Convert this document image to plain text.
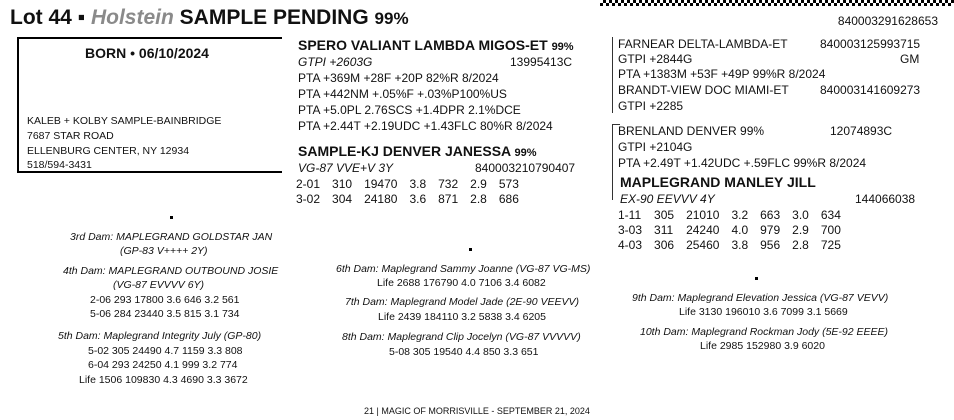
Lot 44 ▪ Holstein SAMPLE PENDING 99%	840003291628653
BORN • 06/10/2024
KALEB + KOLBY SAMPLE-BAINBRIDGE
7687 STAR ROAD
ELLENBURG CENTER, NY 12934
518/594-3431
SPERO VALIANT LAMBDA MIGOS-ET 99%
GTPI +2603G	13995413C
PTA +369M +28F +20P 82%R 8/2024
PTA +442NM +.05%F +.03%P100%US
PTA +5.0PL 2.76SCS +1.4DPR 2.1%DCE
PTA +2.44T +2.19UDC +1.43FLC 80%R 8/2024
SAMPLE-KJ DENVER JANESSA 99%
VG-87 VVE+V 3Y	840003210790407
2-01	310	19470	3.8	732	2.9	573
3-02	304	24180	3.6	871	2.8	686
FARNEAR DELTA-LAMBDA-ET	840003125993715
GTPI +2844G	GM
PTA +1383M +53F +49P 99%R 8/2024
BRANDT-VIEW DOC MIAMI-ET	840003141609273
GTPI +2285
BRENLAND DENVER 99%	12074893C
GTPI +2104G
PTA +2.49T +1.42UDC +.59FLC 99%R 8/2024
MAPLEGRAND MANLEY JILL
EX-90 EEVVV 4Y	144066038
1-11	305	21010	3.2	663	3.0	634
3-03	311	24240	4.0	979	2.9	700
4-03	306	25460	3.8	956	2.8	725
3rd Dam: MAPLEGRAND GOLDSTAR JAN
(GP-83 V++++ 2Y)
4th Dam: MAPLEGRAND OUTBOUND JOSIE
(VG-87 EVVVV 6Y)
2-06 293 17800 3.6 646 3.2 561
5-06 284 23440 3.5 815 3.1 734
5th Dam: Maplegrand Integrity July (GP-80)
5-02 305 24490 4.7 1159 3.3 808
6-04 293 24250 4.1 999 3.2 774
Life 1506 109830 4.3 4690 3.3 3672
6th Dam: Maplegrand Sammy Joanne (VG-87 VG-MS)
Life 2688 176790 4.0 7106 3.4 6082
7th Dam: Maplegrand Model Jade (2E-90 VEEVV)
Life 2439 184110 3.2 5838 3.4 6205
8th Dam: Maplegrand Clip Jocelyn (VG-87 VVVVV)
5-08 305 19540 4.4 850 3.3 651
9th Dam: Maplegrand Elevation Jessica (VG-87 VEVV)
Life 3130 196010 3.6 7099 3.1 5669
10th Dam: Maplegrand Rockman Jody (5E-92 EEEE)
Life 2985 152980 3.9 6020
21 | MAGIC OF MORRISVILLE - SEPTEMBER 21, 2024
